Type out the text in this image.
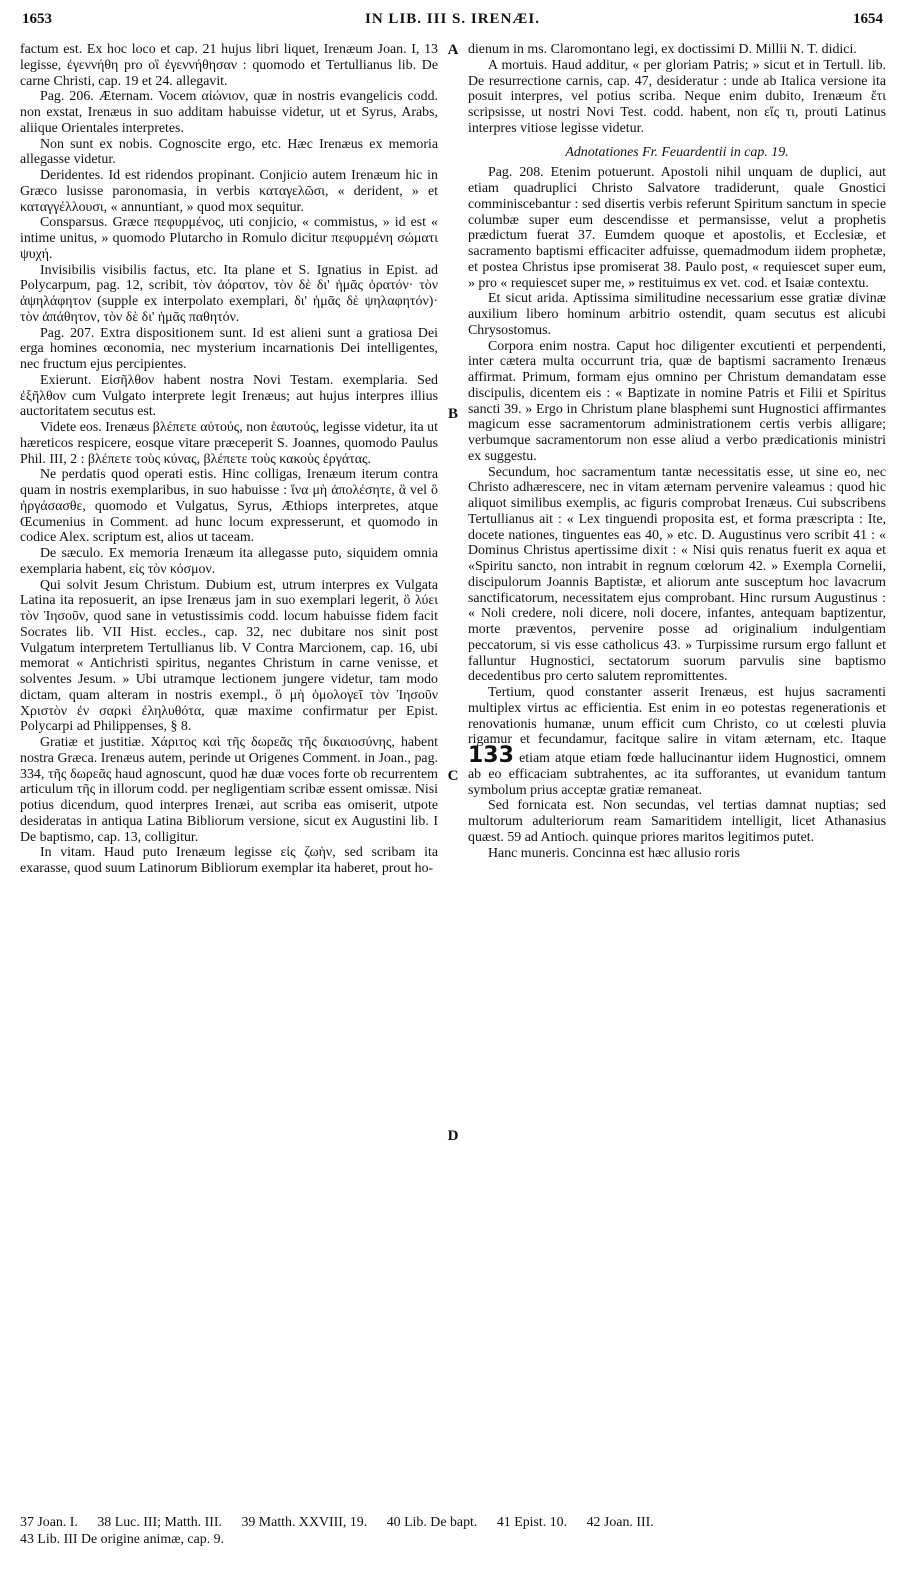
1653	IN LIB. III S. IRENÆI.	1654

factum est. Ex hoc loco et cap. 21 hujus libri liquet, Irenæum Joan. I, 13 legisse, ἐγεννήθη pro οἳ ἐγεννήθησαν : quomodo et Tertullianus lib. De carne Christi, cap. 19 et 24. allegavit.

Pag. 206. Æternam. Vocem αἰώνιον, quæ in nostris evangelicis codd. non exstat, Irenæus in suo additam habuisse videtur, ut et Syrus, Arabs, aliique Orientales interpretes.

Non sunt ex nobis. Cognoscite ergo, etc. Hæc Irenæus ex memoria allegasse videtur.

Deridentes. Id est ridendos propinant. Conjicio autem Irenæum hic in Græco lusisse paronomasia, in verbis καταγελῶσι, « derident, » et καταγγέλλουσι, « annuntiant, » quod mox sequitur.

Consparsus. Græce πεφυρμένος, uti conjicio, « commistus, » id est « intime unitus, » quomodo Plutarcho in Romulo dicitur πεφυρμένη σώματι ψυχή.

Invisibilis visibilis factus, etc. Ita plane et S. Ignatius in Epist. ad Polycarpum, pag. 12, scribit, τὸν ἀόρατον, τὸν δὲ δι' ἡμᾶς ὁρατόν· τὸν ἀψηλάφητον (supple ex interpolato exemplari, δι' ἡμᾶς δὲ ψηλαφητόν)· τὸν ἀπάθητον, τὸν δὲ δι' ἡμᾶς παθητόν.

Pag. 207. Extra dispositionem sunt. Id est alieni sunt a gratiosa Dei erga homines œconomia, nec mysterium incarnationis Dei intelligentes, nec fructum ejus percipientes.

Exierunt. Εἰσῆλθον habent nostra Novi Testam. exemplaria. Sed ἐξῆλθον cum Vulgato interprete legit Irenæus; aut hujus interpres illius auctoritatem secutus est.

Videte eos. Irenæus βλέπετε αὐτούς, non ἑαυτούς, legisse videtur, ita ut hæreticos respicere, eosque vitare præceperit S. Joannes, quomodo Paulus Phil. III, 2 : βλέπετε τοὺς κύνας, βλέπετε τοὺς κακοὺς ἐργάτας.

Ne perdatis quod operati estis. Hinc colligas, Irenæum iterum contra quam in nostris exemplaribus, in suo habuisse : ἵνα μὴ ἀπολέσητε, ἃ vel ὃ ἠργάσασθε, quomodo et Vulgatus, Syrus, Æthiops interpretes, atque Œcumenius in Comment. ad hunc locum expresserunt, et quomodo in codice Alex. scriptum est, alios ut taceam.

De sæculo. Ex memoria Irenæum ita allegasse puto, siquidem omnia exemplaria habent, εἰς τὸν κόσμον.

Qui solvit Jesum Christum. Dubium est, utrum interpres ex Vulgata Latina ita reposuerit, an ipse Irenæus jam in suo exemplari legerit, ὃ λύει τὸν Ἰησοῦν, quod sane in vetustissimis codd. locum habuisse fidem facit Socrates lib. VII Hist. eccles., cap. 32, nec dubitare nos sinit post Vulgatum interpretem Tertullianus lib. V Contra Marcionem, cap. 16, ubi memorat « Antichristi spiritus, negantes Christum in carne venisse, et solventes Jesum. » Ubi utramque lectionem jungere videtur, tam modo dictam, quam alteram in nostris exempl., ὃ μὴ ὁμολογεῖ τὸν Ἰησοῦν Χριστὸν ἐν σαρκὶ ἐληλυθότα, quæ maxime confirmatur per Epist. Polycarpi ad Philippenses, § 8.

Gratiæ et justitiæ. Χάριτος καὶ τῆς δωρεᾶς τῆς δικαιοσύνης, habent nostra Græca. Irenæus autem, perinde ut Origenes Comment. in Joan., pag. 334, τῆς δωρεᾶς haud agnoscunt, quod hæ duæ voces forte ob recurrentem articulum τῆς in illorum codd. per negligentiam scribæ essent omissæ. Nisi potius dicendum, quod interpres Irenæi, aut scriba eas omiserit, utpote desideratas in antiqua Latina Bibliorum versione, sicut ex Augustini lib. I De baptismo, cap. 13, colligitur.

In vitam. Haud puto Irenæum legisse εἰς ζωὴν, sed scribam ita exarasse, quod suum Latinorum Bibliorum exemplar ita haberet, prout ho-

A
B
C
D

dienum in ms. Claromontano legi, ex doctissimi D. Millii N. T. didici.

A mortuis. Haud additur, « per gloriam Patris; » sicut et in Tertull. lib. De resurrectione carnis, cap. 47, desideratur : unde ab Italica versione ita posuit interpres, vel potius scriba. Neque enim dubito, Irenæum ἔτι scripsisse, ut nostri Novi Test. codd. habent, non εἴς τι, prouti Latinus interpres vitiose legisse videtur.

Adnotationes Fr. Feuardentii in cap. 19.

Pag. 208. Etenim potuerunt. Apostoli nihil unquam de duplici, aut etiam quadruplici Christo Salvatore tradiderunt, quale Gnostici comminiscebantur : sed disertis verbis referunt Spiritum sanctum in specie columbæ super eum descendisse et permansisse, velut a prophetis prædictum fuerat 37. Eumdem quoque et apostolis, et Ecclesiæ, et sacramento baptismi efficaciter adfuisse, quemadmodum iidem prophetæ, et postea Christus ipse promiserat 38. Paulo post, « requiescet super eum, » pro « requiescet super me, » restituimus ex vet. cod. et Isaiæ contextu.

Et sicut arida. Aptissima similitudine necessarium esse gratiæ divinæ auxilium libero hominum arbitrio ostendit, quam secutus est alicubi Chrysostomus.

Corpora enim nostra. Caput hoc diligenter excutienti et perpendenti, inter cætera multa occurrunt tria, quæ de baptismi sacramento Irenæus affirmat. Primum, formam ejus omnino per Christum demandatam esse discipulis, dicentem eis : « Baptizate in nomine Patris et Filii et Spiritus sancti 39. » Ergo in Christum plane blasphemi sunt Hugnostici affirmantes magicum esse sacramentorum administrationem certis verbis alligare; verbumque sacramentorum non esse aliud a verbo prædicationis ministri ex suggestu.

Secundum, hoc sacramentum tantæ necessitatis esse, ut sine eo, nec Christo adhærescere, nec in vitam æternam pervenire valeamus : quod hic aliquot similibus exemplis, ac figuris comprobat Irenæus. Cui subscribens Tertullianus ait : « Lex tinguendi proposita est, et forma præscripta : Ite, docete nationes, tinguentes eas 40, » etc. D. Augustinus vero scribit 41 : « Dominus Christus apertissime dixit : « Nisi quis renatus fuerit ex aqua et «Spiritu sancto, non intrabit in regnum cœlorum 42. » Exempla Cornelii, discipulorum Joannis Baptistæ, et aliorum ante susceptum hoc lavacrum sanctificatorum, necessitatem ejus comprobant. Hinc rursum Augustinus : « Noli credere, noli dicere, noli docere, infantes, antequam baptizentur, morte præventos, pervenire posse ad originalium indulgentiam peccatorum, si vis esse catholicus 43. » Turpissime rursum ergo fallunt et falluntur Hugnostici, sectatorum suorum parvulis sine baptismo decedentibus pro certo salutem repromittentes.

Tertium, quod constanter asserit Irenæus, est hujus sacramenti multiplex virtus ac efficientia. Est enim in eo potestas regenerationis et renovationis humanæ, unum efficit cum Christo, co ut cœlesti pluvia rigamur et fecundamur, facitque salire in vitam æternam, etc. Itaque 133 etiam atque etiam fœde hallucinantur iidem Hugnostici, omnem ab eo efficaciam subtrahentes, ac ita sufforantes, ut evanidum tantum symbolum prius acceptæ gratiæ remaneat.

Sed fornicata est. Non secundas, vel tertias damnat nuptias; sed multorum adulteriorum ream Samaritidem intelligit, licet Athanasius quæst. 59 ad Antioch. quinque priores maritos legitimos putet.

Hanc muneris. Concinna est hæc allusio roris

37 Joan. I. 38 Luc. III; Matth. III. 39 Matth. XXVIII, 19. 40 Lib. De bapt. 41 Epist. 10. 42 Joan. III.
43 Lib. III De origine animæ, cap. 9.
